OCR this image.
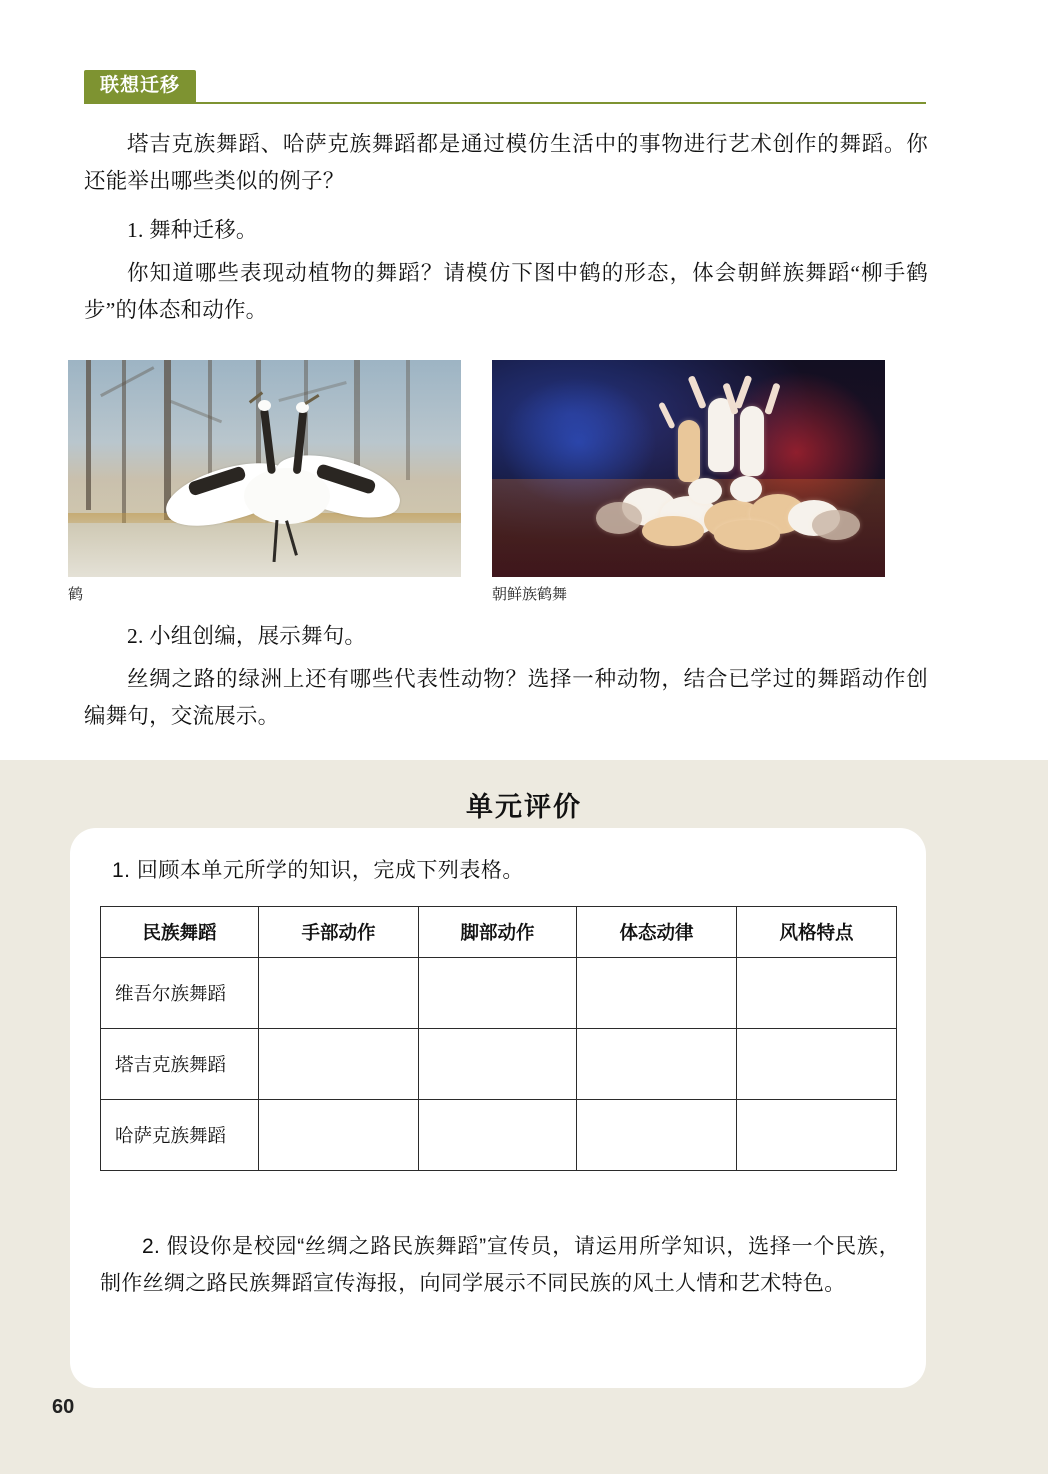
联想迁移

塔吉克族舞蹈、哈萨克族舞蹈都是通过模仿生活中的事物进行艺术创作的舞蹈。你还能举出哪些类似的例子？

1. 舞种迁移。

你知道哪些表现动植物的舞蹈？请模仿下图中鹤的形态，体会朝鲜族舞蹈“柳手鹤步”的体态和动作。

鹤	朝鲜族鹤舞

2. 小组创编，展示舞句。

丝绸之路的绿洲上还有哪些代表性动物？选择一种动物，结合已学过的舞蹈动作创编舞句，交流展示。

单元评价
1. 回顾本单元所学的知识，完成下列表格。
民族舞蹈	手部动作	脚部动作	体态动律	风格特点
维吾尔族舞蹈				
塔吉克族舞蹈				
哈萨克族舞蹈				
2. 假设你是校园“丝绸之路民族舞蹈”宣传员，请运用所学知识，选择一个民族，制作丝绸之路民族舞蹈宣传海报，向同学展示不同民族的风土人情和艺术特色。
60
